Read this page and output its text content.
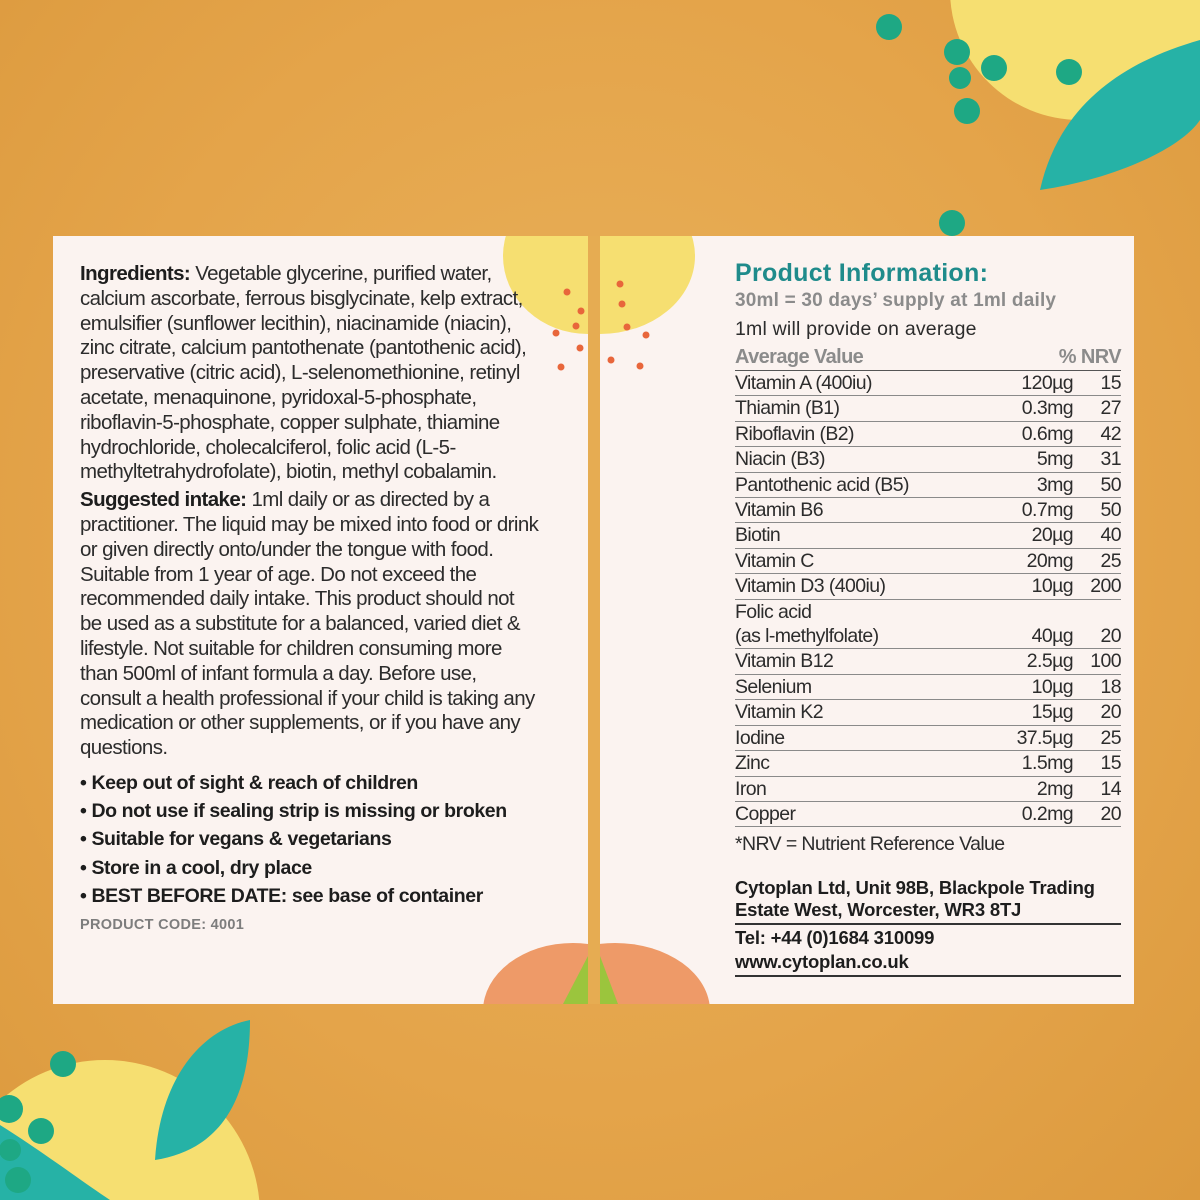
Ingredients: Vegetable glycerine, purified water, calcium ascorbate, ferrous bisglycinate, kelp extract, emulsifier (sunflower lecithin), niacinamide (niacin), zinc citrate, calcium pantothenate (pantothenic acid), preservative (citric acid), L-selenomethionine, retinyl acetate, menaquinone, pyridoxal-5-phosphate, riboflavin-5-phosphate, copper sulphate, thiamine hydrochloride, cholecalciferol, folic acid (L-5-methyltetrahydrofolate), biotin, methyl cobalamin.

Suggested intake: 1ml daily or as directed by a practitioner. The liquid may be mixed into food or drink or given directly onto/under the tongue with food. Suitable from 1 year of age. Do not exceed the recommended daily intake. This product should not be used as a substitute for a balanced, varied diet & lifestyle. Not suitable for children consuming more than 500ml of infant formula a day. Before use, consult a health professional if your child is taking any medication or other supplements, or if you have any questions.

• Keep out of sight & reach of children
• Do not use if sealing strip is missing or broken
• Suitable for vegans & vegetarians
• Store in a cool, dry place
• BEST BEFORE DATE: see base of container
PRODUCT CODE: 4001
Product Information:
30ml = 30 days’ supply at 1ml daily
1ml will provide on average
Average Value	% NRV
Vitamin A (400iu)	120µg	15
Thiamin (B1)	0.3mg	27
Riboflavin (B2)	0.6mg	42
Niacin (B3)	5mg	31
Pantothenic acid (B5)	3mg	50
Vitamin B6	0.7mg	50
Biotin	20µg	40
Vitamin C	20mg	25
Vitamin D3 (400iu)	10µg 200
Folic acid
(as l-methylfolate)	40µg	20
Vitamin B12	2.5µg 100
Selenium	10µg	18
Vitamin K2	15µg	20
Iodine	37.5µg	25
Zinc	1.5mg	15
Iron	2mg	14
Copper	0.2mg	20
*NRV = Nutrient Reference Value
Cytoplan Ltd, Unit 98B, Blackpole Trading
Estate West, Worcester, WR3 8TJ
Tel: +44 (0)1684 310099
www.cytoplan.co.uk
